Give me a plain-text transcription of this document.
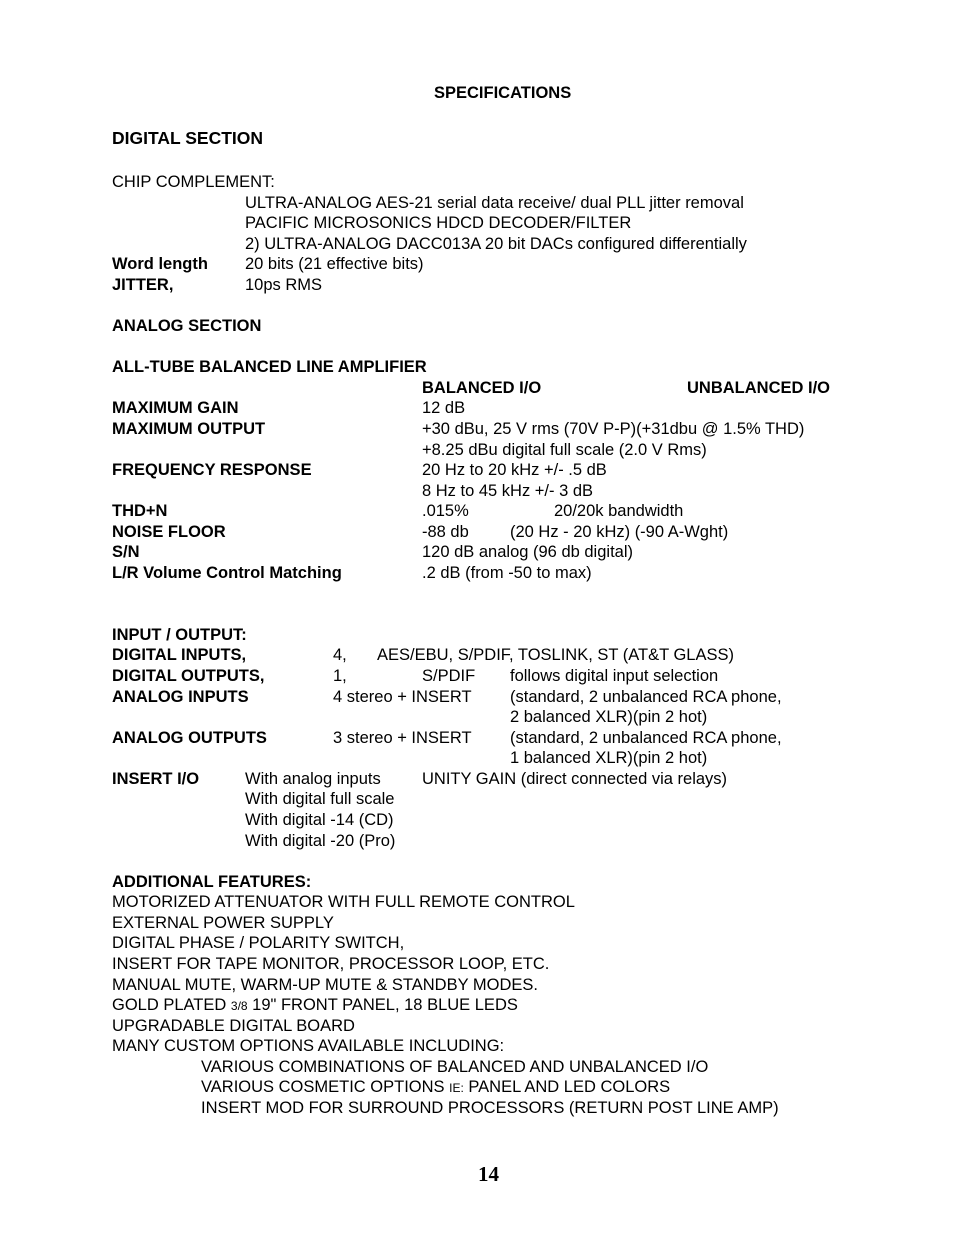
SPECIFICATIONS
DIGITAL SECTION
CHIP COMPLEMENT:
ULTRA-ANALOG AES-21 serial data receive/ dual PLL jitter removal
PACIFIC MICROSONICS HDCD DECODER/FILTER
2) ULTRA-ANALOG DACC013A 20 bit DACs configured differentially
Word length 20 bits (21 effective bits)
JITTER,	10ps RMS
ANALOG SECTION
ALL-TUBE BALANCED LINE AMPLIFIER
BALANCED I/O	UNBALANCED I/O
MAXIMUM GAIN	12 dB
MAXIMUM OUTPUT	+30 dBu, 25 V rms (70V P-P)(+31dbu @ 1.5% THD)
+8.25 dBu digital full scale (2.0 V Rms)
FREQUENCY RESPONSE	20 Hz to 20 kHz +/- .5 dB
8 Hz to 45 kHz +/- 3 dB
THD+N	.015%	20/20k bandwidth
NOISE FLOOR	-88 db (20 Hz - 20 kHz) (-90 A-Wght)
S/N	120 dB analog (96 db digital)
L/R Volume Control Matching	.2 dB (from -50 to max)
INPUT / OUTPUT:
DIGITAL INPUTS,	4, AES/EBU, S/PDIF, TOSLINK, ST (AT&T GLASS)
DIGITAL OUTPUTS,	1,	S/PDIF follows digital input selection
ANALOG INPUTS	4 stereo + INSERT (standard, 2 unbalanced RCA phone,
2 balanced XLR)(pin 2 hot)
ANALOG OUTPUTS	3 stereo + INSERT (standard, 2 unbalanced RCA phone,
1 balanced XLR)(pin 2 hot)
INSERT I/O	With analog inputs	UNITY GAIN (direct connected via relays)
With digital full scale
With digital -14 (CD)
With digital -20 (Pro)
ADDITIONAL FEATURES:
MOTORIZED ATTENUATOR WITH FULL REMOTE CONTROL
EXTERNAL POWER SUPPLY
DIGITAL PHASE / POLARITY SWITCH,
INSERT FOR TAPE MONITOR, PROCESSOR LOOP, ETC.
MANUAL MUTE, WARM-UP MUTE & STANDBY MODES.
GOLD PLATED 3/8 19" FRONT PANEL, 18 BLUE LEDS
UPGRADABLE DIGITAL BOARD
MANY CUSTOM OPTIONS AVAILABLE INCLUDING:
VARIOUS COMBINATIONS OF BALANCED AND UNBALANCED I/O
VARIOUS COSMETIC OPTIONS IE: PANEL AND LED COLORS
INSERT MOD FOR SURROUND PROCESSORS (RETURN POST LINE AMP)
14
